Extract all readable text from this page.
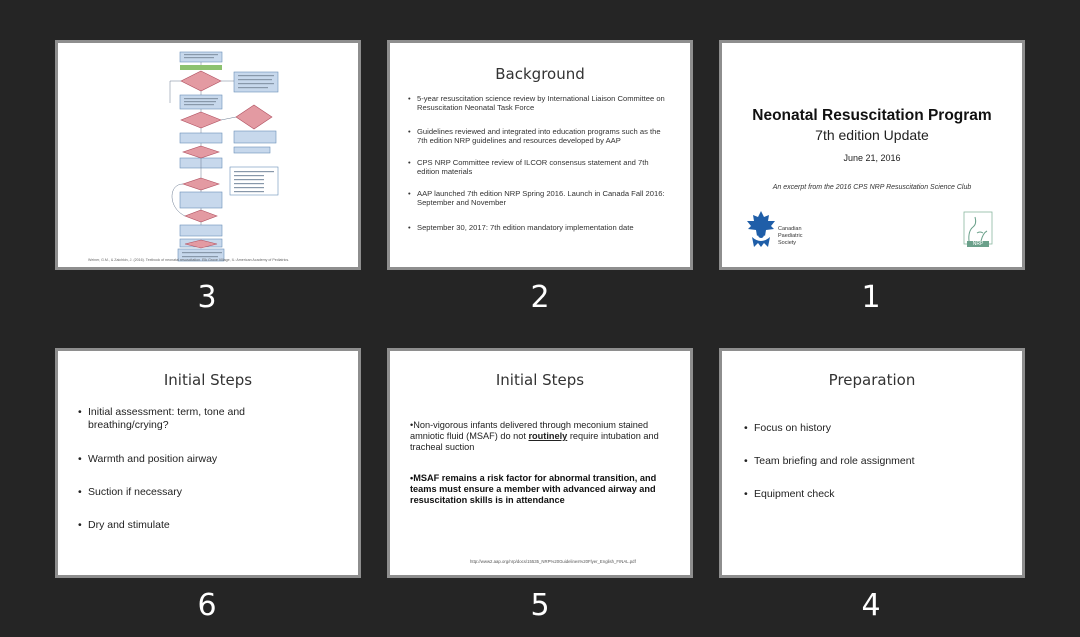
Weiner, G.M., & Zaichkin, J. (2016). Textbook of neonatal resuscitation. Elk Grove Village, IL: American Academy of Pediatrics.
3
Background
• 5-year resuscitation science review by International Liaison Committee on Resuscitation Neonatal Task Force
• Guidelines reviewed and integrated into education programs such as the 7th edition NRP guidelines and resources developed by AAP
• CPS NRP Committee review of ILCOR consensus statement and 7th edition materials
• AAP launched 7th edition NRP Spring 2016. Launch in Canada Fall 2016: September and November
• September 30, 2017: 7th edition mandatory implementation date
2
Neonatal Resuscitation Program
7th edition Update
June 21, 2016
An excerpt from the 2016 CPS NRP Resuscitation Science Club
Canadian
Paediatric
Society	NRP
1
Initial Steps
• Initial assessment: term, tone and breathing/crying?
• Warmth and position airway
• Suction if necessary
• Dry and stimulate
6
Initial Steps
•Non-vigorous infants delivered through meconium stained amniotic fluid (MSAF) do not routinely require intubation and tracheal suction
•MSAF remains a risk factor for abnormal transition, and teams must ensure a member with advanced airway and resuscitation skills is in attendance
http://www2.aap.org/nrp/docs/15535_NRP%20Guidelines%20Flyer_English_FINAL.pdf
5
Preparation
• Focus on history
• Team briefing and role assignment
• Equipment check
4
